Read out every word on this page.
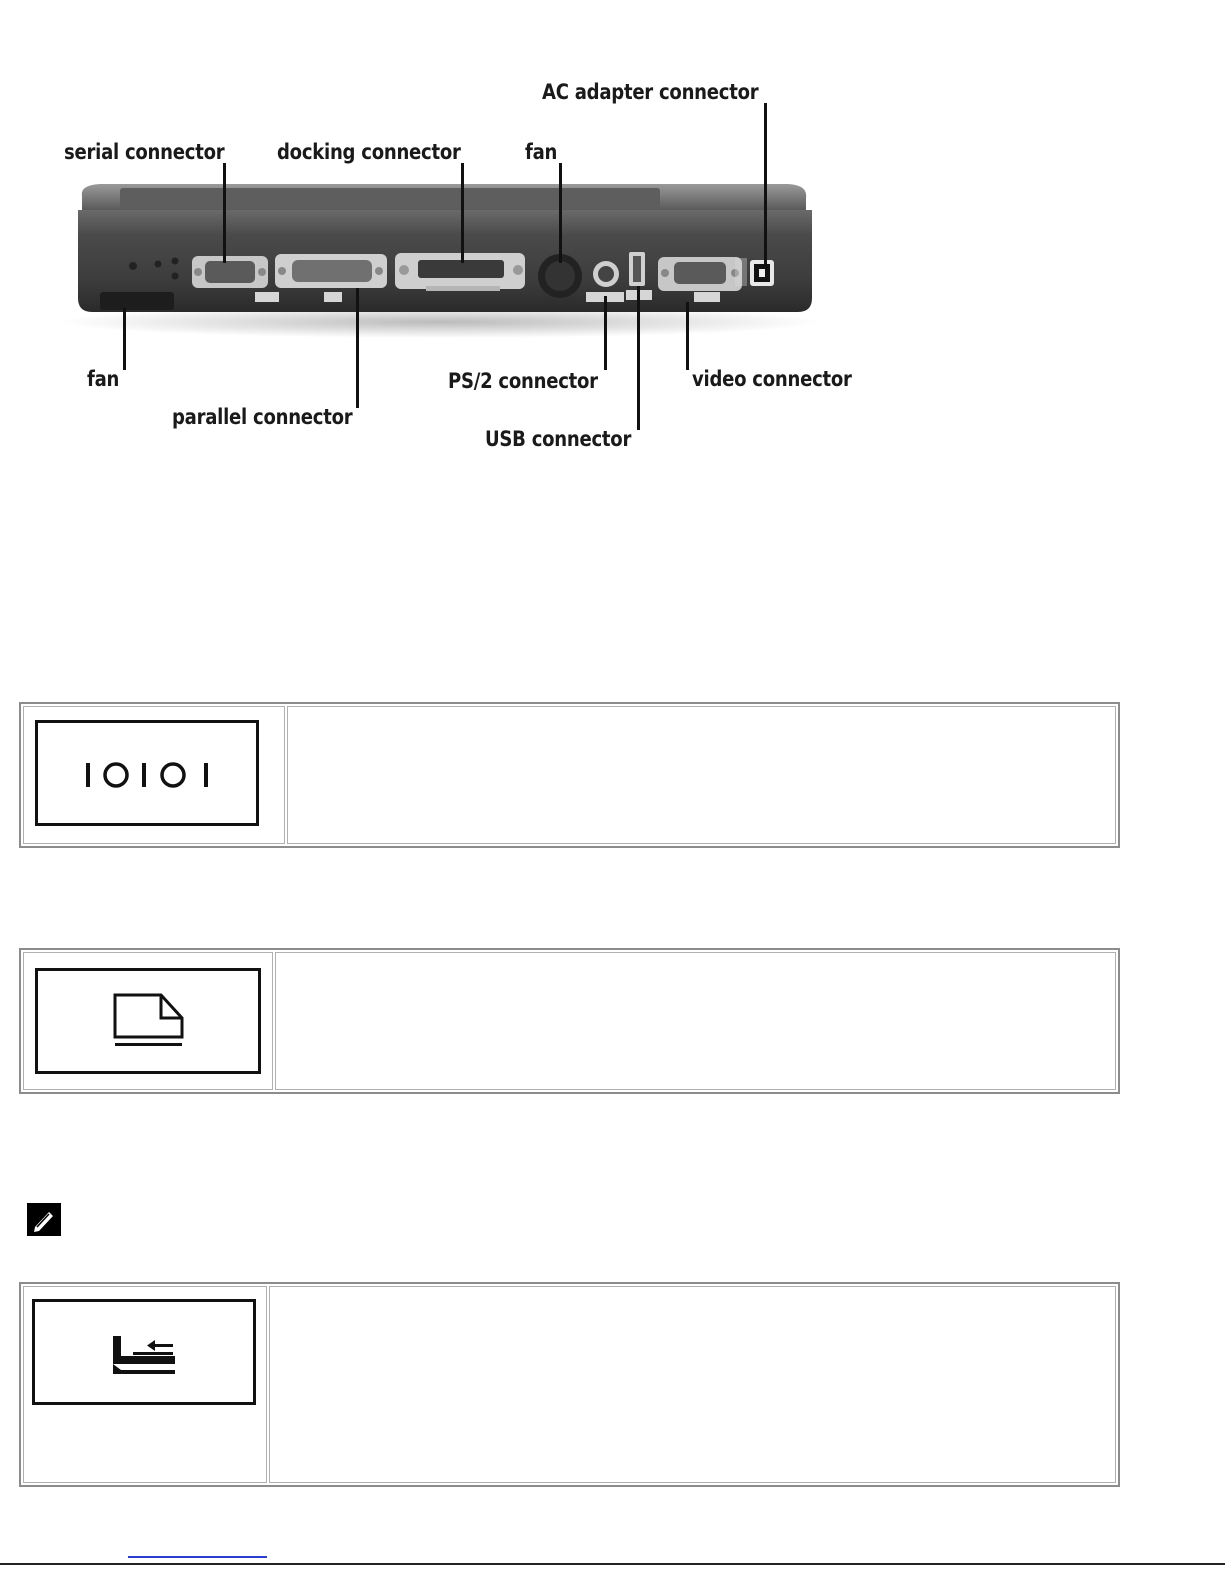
AC adapter connector
serial connector	docking connector	fan
fan
parallel connector
PS/2 connector
USB connector
video connector
